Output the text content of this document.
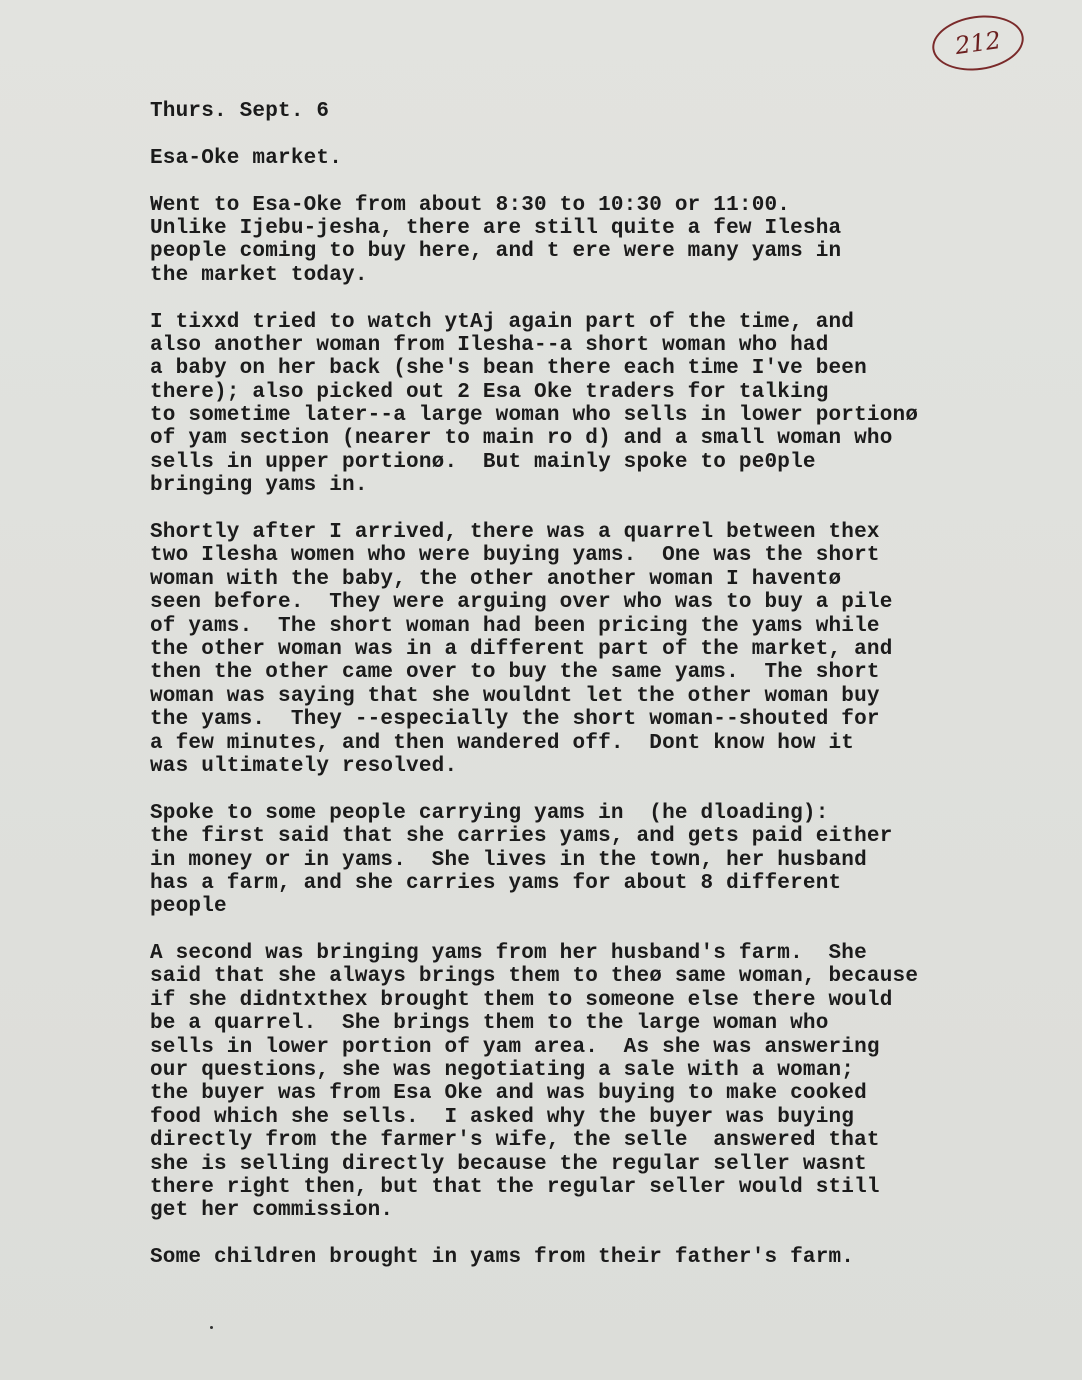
212
Thurs. Sept. 6
Esa-Oke market.
Went to Esa-Oke from about 8:30 to 10:30 or 11:00.
Unlike Ijebu-jesha, there are still quite a few Ilesha
people coming to buy here, and t ere were many yams in
the market today.
I tixxd tried to watch ytAj again part of the time, and
also another woman from Ilesha--a short woman who had
a baby on her back (she's bean there each time I've been
there); also picked out 2 Esa Oke traders for talking
to sometime later--a large woman who sells in lower portionø
of yam section (nearer to main ro d) and a small woman who
sells in upper portionø.  But mainly spoke to pe0ple
bringing yams in.
Shortly after I arrived, there was a quarrel between thex
two Ilesha women who were buying yams.  One was the short
woman with the baby, the other another woman I haventø
seen before.  They were arguing over who was to buy a pile
of yams.  The short woman had been pricing the yams while
the other woman was in a different part of the market, and
then the other came over to buy the same yams.  The short
woman was saying that she wouldnt let the other woman buy
the yams.  They --especially the short woman--shouted for
a few minutes, and then wandered off.  Dont know how it
was ultimately resolved.
Spoke to some people carrying yams in  (he dloading):
the first said that she carries yams, and gets paid either
in money or in yams.  She lives in the town, her husband
has a farm, and she carries yams for about 8 different
people
A second was bringing yams from her husband's farm.  She
said that she always brings them to theø same woman, because
if she didntxthex brought them to someone else there would
be a quarrel.  She brings them to the large woman who
sells in lower portion of yam area.  As she was answering
our questions, she was negotiating a sale with a woman;
the buyer was from Esa Oke and was buying to make cooked
food which she sells.  I asked why the buyer was buying
directly from the farmer's wife, the selle  answered that
she is selling directly because the regular seller wasnt
there right then, but that the regular seller would still
get her commission.
Some children brought in yams from their father's farm.
